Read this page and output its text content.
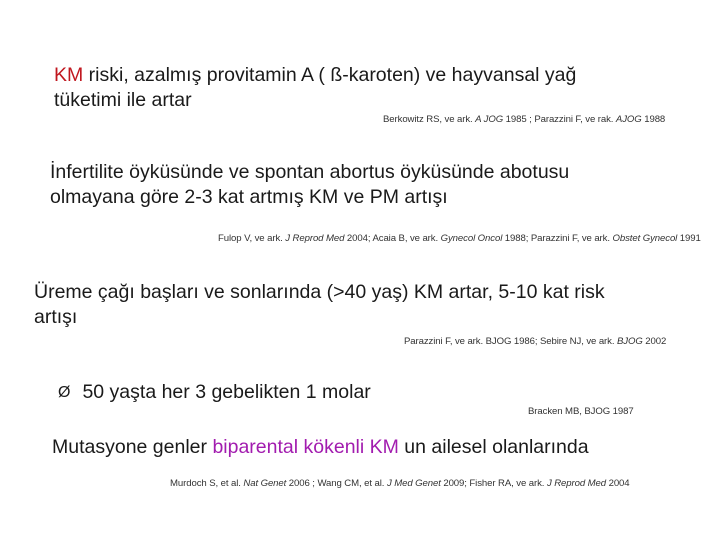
KM riski, azalmış provitamin A ( ß-karoten) ve hayvansal yağ
tüketimi ile artar
Berkowitz RS, ve ark. A JOG 1985 ; Parazzini F, ve rak. AJOG 1988
İnfertilite öyküsünde ve spontan abortus öyküsünde abotusu
olmayana göre 2-3 kat artmış KM ve PM artışı
Fulop V, ve ark. J Reprod Med 2004; Acaia B, ve ark. Gynecol Oncol 1988; Parazzini F, ve ark. Obstet Gynecol 1991
Üreme çağı başları ve sonlarında (>40 yaş) KM artar, 5-10 kat risk
artışı
Parazzini F, ve ark. BJOG 1986; Sebire NJ, ve ark. BJOG 2002
Ø 50 yaşta her 3 gebelikten 1 molar
Bracken MB, BJOG 1987
Mutasyone genler biparental kökenli KM un ailesel olanlarında
Murdoch S, et al. Nat Genet 2006 ; Wang CM, et al. J Med Genet 2009; Fisher RA, ve ark. J Reprod Med 2004
